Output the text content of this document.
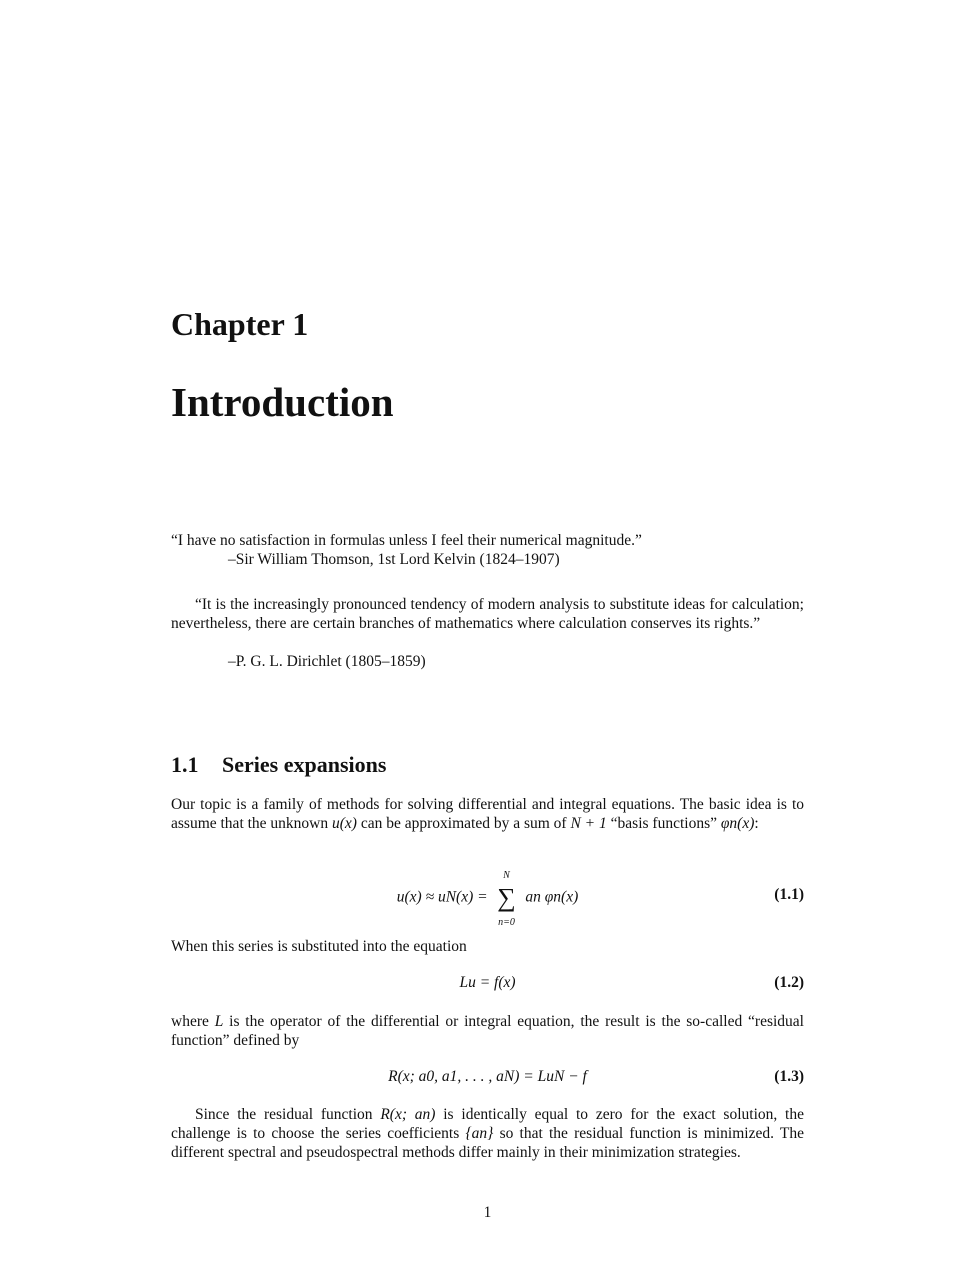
Chapter 1
Introduction
“I have no satisfaction in formulas unless I feel their numerical magnitude.”
–Sir William Thomson, 1st Lord Kelvin (1824–1907)
“It is the increasingly pronounced tendency of modern analysis to substitute ideas for calculation; nevertheless, there are certain branches of mathematics where calculation conserves its rights.”
–P. G. L. Dirichlet (1805–1859)
1.1 Series expansions
Our topic is a family of methods for solving differential and integral equations. The basic idea is to assume that the unknown u(x) can be approximated by a sum of N + 1 “basis functions” φn(x):
u(x) ≈ uN(x) =
N
∑
n=0
an φn(x)	(1.1)
When this series is substituted into the equation
Lu = f(x)	(1.2)
where L is the operator of the differential or integral equation, the result is the so-called “residual function” defined by
R(x; a0, a1, . . . , aN) = LuN − f	(1.3)
Since the residual function R(x; an) is identically equal to zero for the exact solution, the challenge is to choose the series coefficients {an} so that the residual function is minimized. The different spectral and pseudospectral methods differ mainly in their minimization strategies.
1
